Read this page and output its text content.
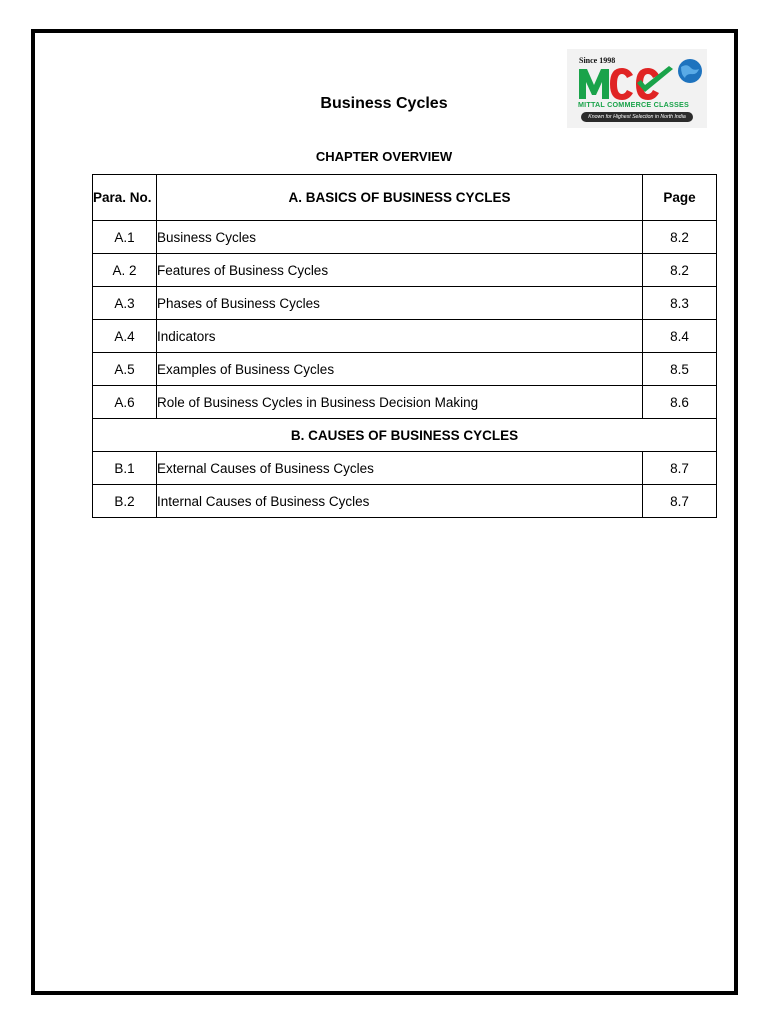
Since 1998
MITTAL COMMERCE CLASSES
Known for Highest Selection in North India
Business Cycles
CHAPTER OVERVIEW
Para. No.	A. BASICS OF BUSINESS CYCLES	Page
A.1	Business Cycles	8.2
A. 2	Features of Business Cycles	8.2
A.3	Phases of Business Cycles	8.3
A.4	Indicators	8.4
A.5	Examples of Business Cycles	8.5
A.6	Role of Business Cycles in Business Decision Making	8.6
B. CAUSES OF BUSINESS CYCLES		
B.1	External Causes of Business Cycles	8.7
B.2	Internal Causes of Business Cycles	8.7
